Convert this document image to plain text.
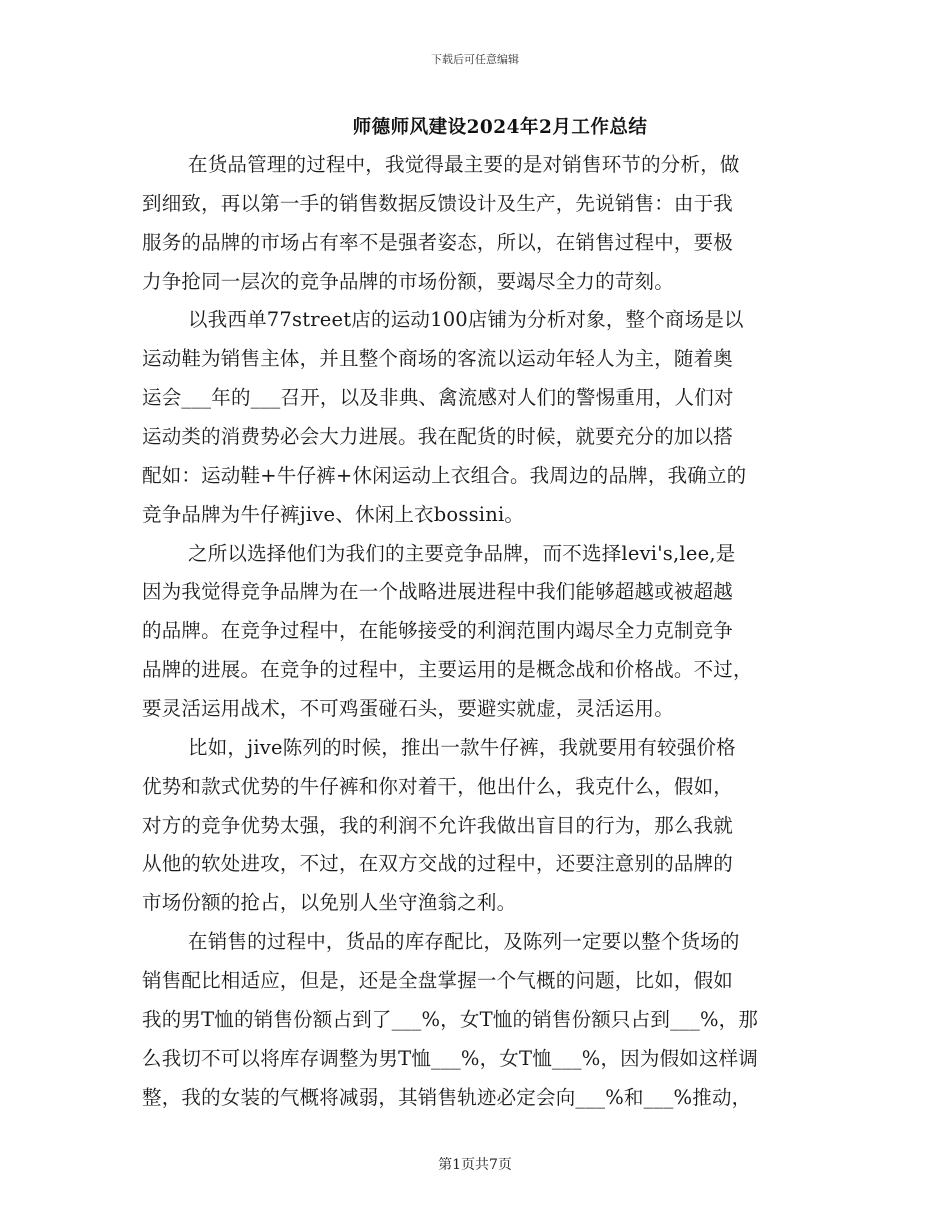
下载后可任意编辑
师德师风建设2024年2月工作总结
在货品管理的过程中，我觉得最主要的是对销售环节的分析，做
到细致，再以第一手的销售数据反馈设计及生产，先说销售：由于我
服务的品牌的市场占有率不是强者姿态，所以，在销售过程中，要极
力争抢同一层次的竞争品牌的市场份额，要竭尽全力的苛刻。
以我西单77street店的运动100店铺为分析对象，整个商场是以
运动鞋为销售主体，并且整个商场的客流以运动年轻人为主，随着奥
运会___年的___召开，以及非典、禽流感对人们的警惕重用，人们对
运动类的消费势必会大力进展。我在配货的时候，就要充分的加以搭
配如：运动鞋+牛仔裤+休闲运动上衣组合。我周边的品牌，我确立的
竞争品牌为牛仔裤jive、休闲上衣bossini。
之所以选择他们为我们的主要竞争品牌，而不选择levi's,lee,是
因为我觉得竞争品牌为在一个战略进展进程中我们能够超越或被超越
的品牌。在竞争过程中，在能够接受的利润范围内竭尽全力克制竞争
品牌的进展。在竞争的过程中，主要运用的是概念战和价格战。不过，
要灵活运用战术，不可鸡蛋碰石头，要避实就虚，灵活运用。
比如，jive陈列的时候，推出一款牛仔裤，我就要用有较强价格
优势和款式优势的牛仔裤和你对着干，他出什么，我克什么，假如，
对方的竞争优势太强，我的利润不允许我做出盲目的行为，那么我就
从他的软处进攻，不过，在双方交战的过程中，还要注意别的品牌的
市场份额的抢占，以免别人坐守渔翁之利。
在销售的过程中，货品的库存配比，及陈列一定要以整个货场的
销售配比相适应，但是，还是全盘掌握一个气概的问题，比如，假如
我的男T恤的销售份额占到了___%，女T恤的销售份额只占到___%，那
么我切不可以将库存调整为男T恤___%，女T恤___%，因为假如这样调
整，我的女装的气概将减弱，其销售轨迹必定会向___%和___%推动，
第1页共7页
